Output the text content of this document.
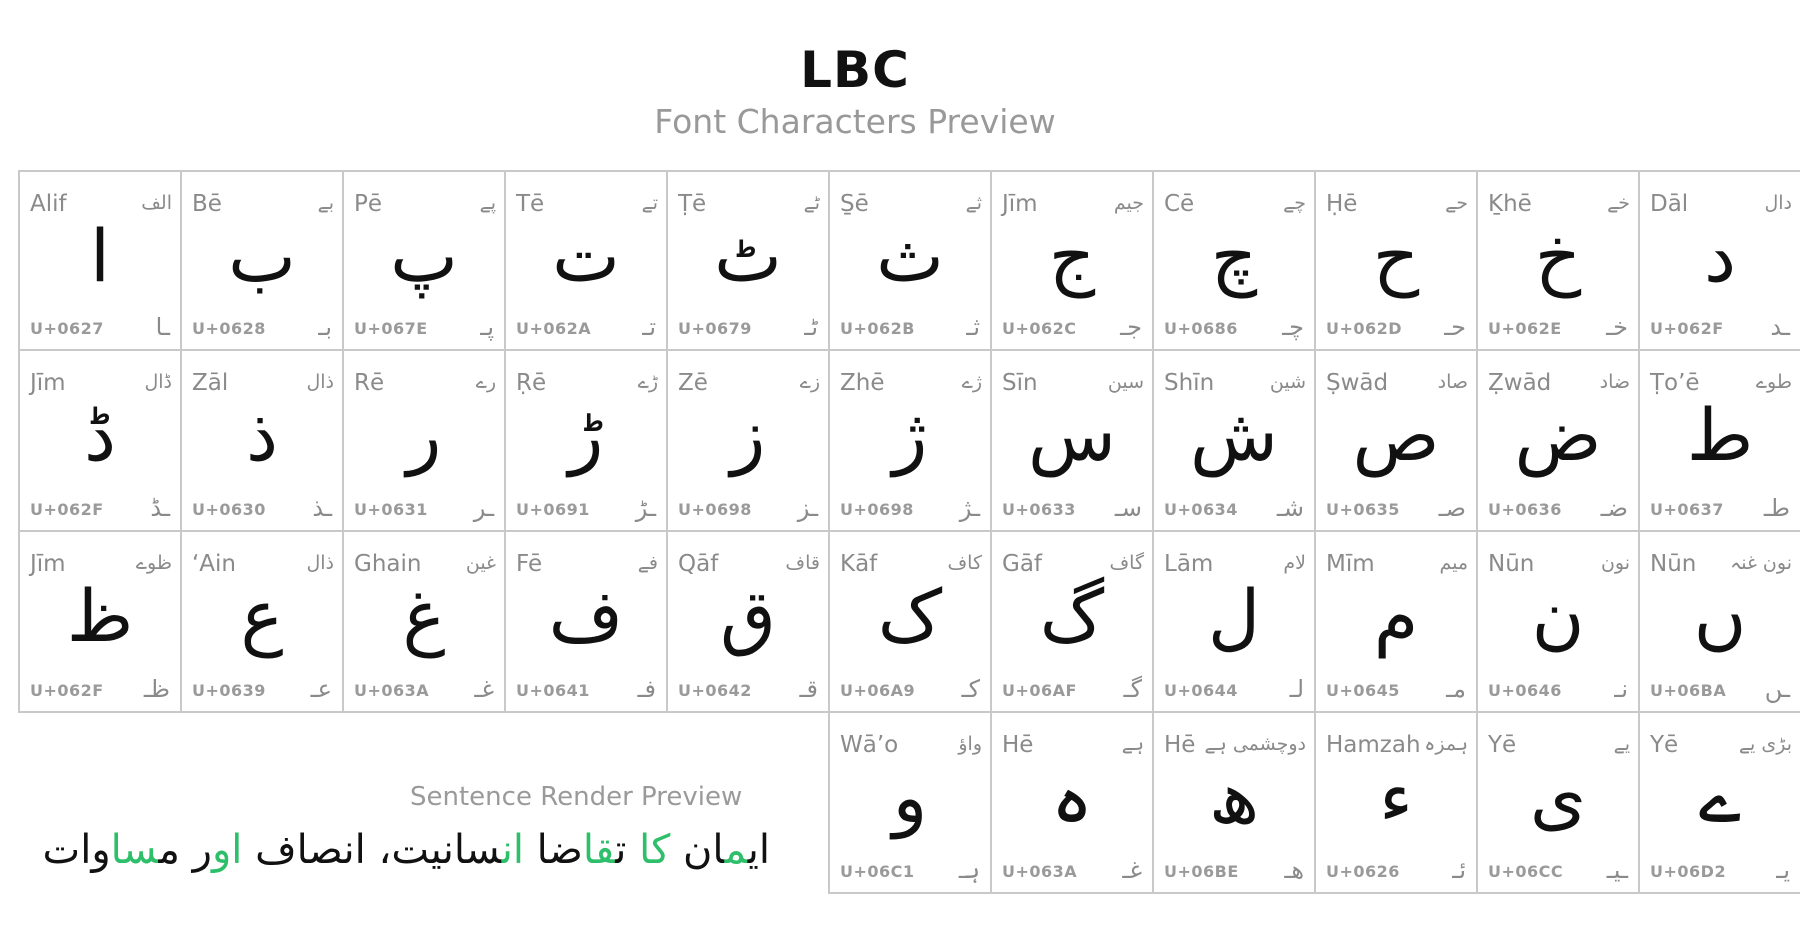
LBC
Font Characters Preview
Dāl	دال
د
U+062F ـد
Ḵhē	خے
خ
U+062E خـ
Ḥē	حے
ح
U+062D حـ
Cē	چے
چ
U+0686 چـ
Jīm	جیم
ج
U+062C جـ
S̱ē	ثے
ث
U+062B ثـ
Ṭē	ٹے
ٹ
U+0679 ٹـ
Tē	تے
ت
U+062A تـ
Pē	پے
پ
U+067E پـ
Bē	بے
ب
U+0628 بـ
Alif	الف
ا
U+0627 ـا
Ṭo’ē	طوے
ط
U+0637 طـ
Ẓwād	ضاد
ض
U+0636 ضـ
Ṣwād	صاد
ص
U+0635 صـ
Shīn	شین
ش
U+0634 شـ
Sīn	سین
س
U+0633 سـ
Zhē	ژے
ژ
U+0698 ـژ
Zē	زے
ز
U+0698 ـز
Ṛē	ڑے
ڑ
U+0691 ـڑ
Rē	رے
ر
U+0631 ـر
Zāl	ذال
ذ
U+0630 ـذ
Jīm	ڈال
ڈ
U+062F ـڈ
Nūn نون غنہ
ں
U+06BA ـں
Nūn	نون
ن
U+0646 نـ
Mīm	میم
م
U+0645 مـ
Lām	لام
ل
U+0644 لـ
Gāf	گاف
گ
U+06AF گـ
Kāf	کاف
ک
U+06A9 کـ
Qāf	قاف
ق
U+0642 قـ
Fē	فے
ف
U+0641 فـ
Ghain غین
غ
U+063A غـ
‘Ain	ذال
ع
U+0639 عـ
Jīm	ظوے
ظ
U+062F ظـ
Yē	بڑی یے
ے
U+06D2 یـ
Yē	یے
ی
U+06CC ـیـ
Hamzah ہمزہ
ء
U+0626 ئـ
Hē دوچشمی ہے
ھ
U+06BE ھـ
Hē	ہے
ہ
U+063A غـ
Wā’o	واؤ
و
U+06C1 ہـ
Sentence Render Preview
ایمان کا تقاضا انسانیت، انصاف اور مساوات
